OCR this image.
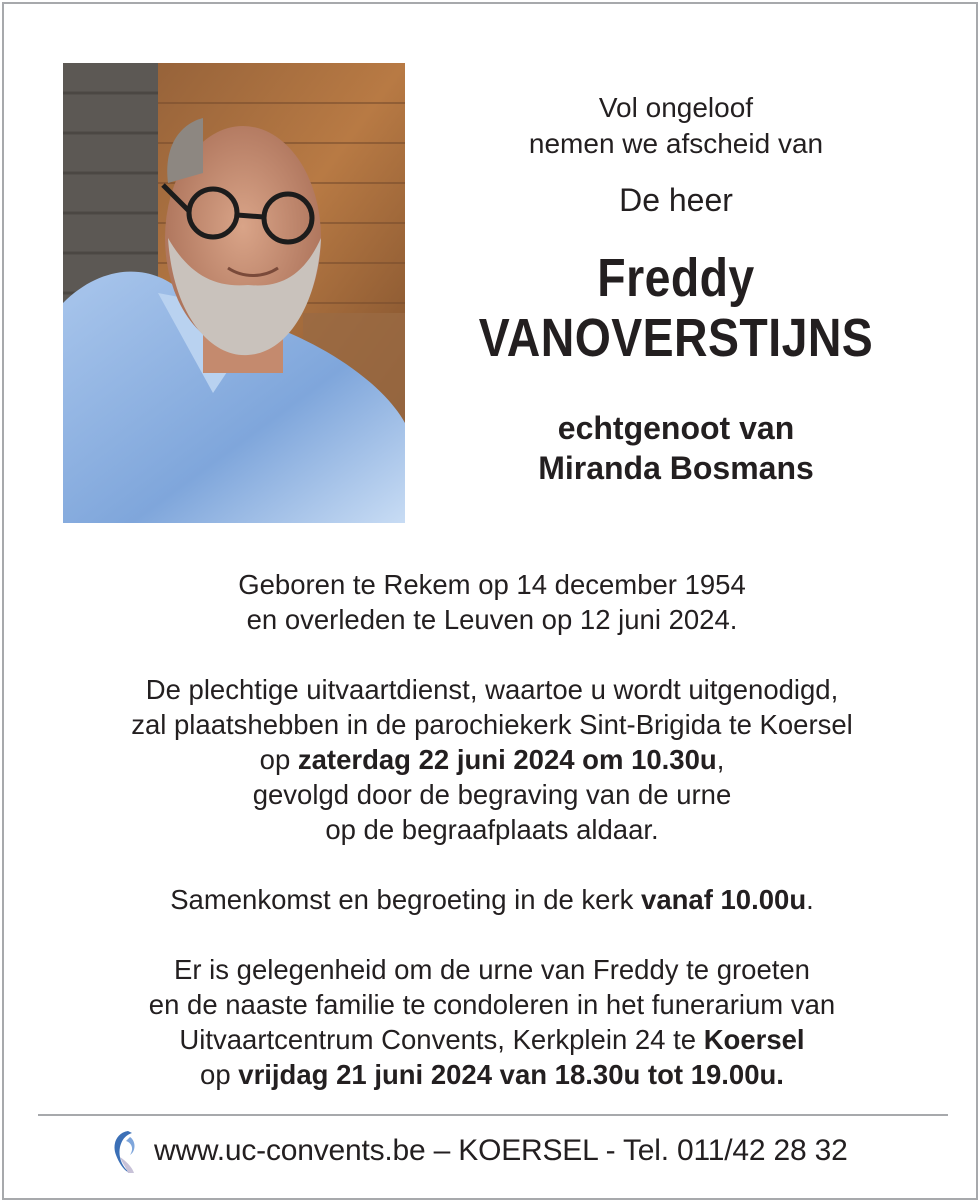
Vol ongeloof
nemen we afscheid van
De heer
Freddy
VANOVERSTIJNS
echtgenoot van
Miranda Bosmans

Geboren te Rekem op 14 december 1954
en overleden te Leuven op 12 juni 2024.

De plechtige uitvaartdienst, waartoe u wordt uitgenodigd,
zal plaatshebben in de parochiekerk Sint-Brigida te Koersel
op zaterdag 22 juni 2024 om 10.30u,
gevolgd door de begraving van de urne
op de begraafplaats aldaar.

Samenkomst en begroeting in de kerk vanaf 10.00u.

Er is gelegenheid om de urne van Freddy te groeten
en de naaste familie te condoleren in het funerarium van
Uitvaartcentrum Convents, Kerkplein 24 te Koersel
op vrijdag 21 juni 2024 van 18.30u tot 19.00u.

www.uc-convents.be – KOERSEL - Tel. 011/42 28 32
